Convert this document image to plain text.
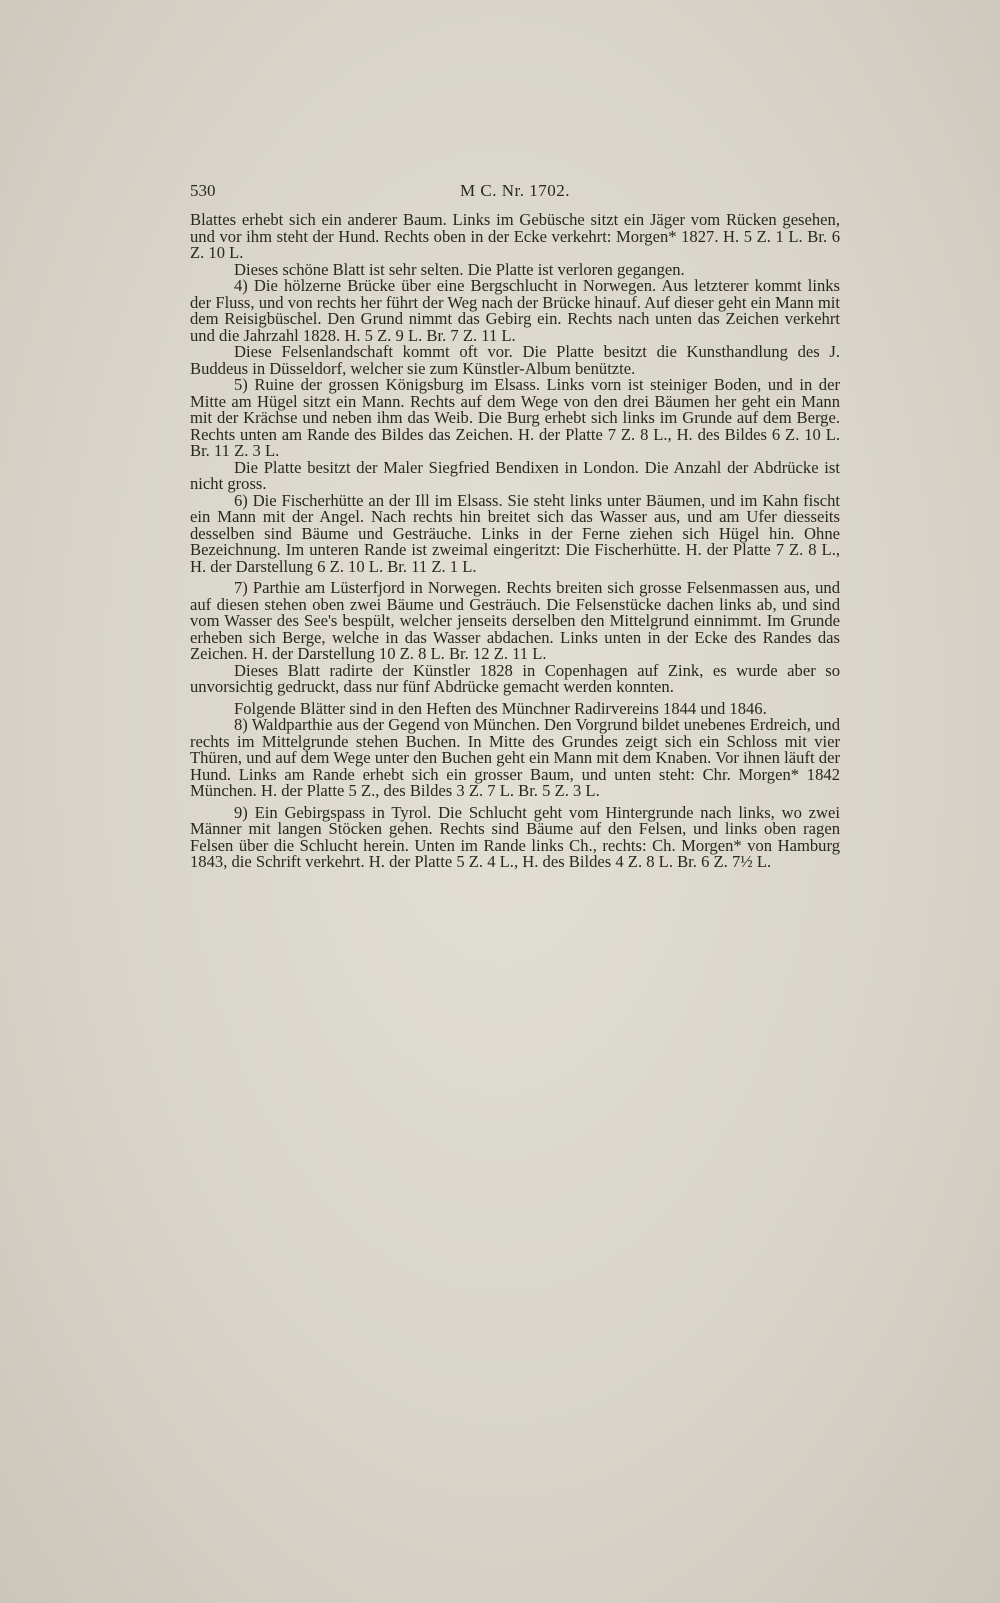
530	M C. Nr. 1702.

Blattes erhebt sich ein anderer Baum. Links im Gebüsche sitzt ein Jäger vom Rücken gesehen, und vor ihm steht der Hund. Rechts oben in der Ecke verkehrt: Morgen* 1827. H. 5 Z. 1 L. Br. 6 Z. 10 L.

Dieses schöne Blatt ist sehr selten. Die Platte ist verloren gegangen.

4) Die hölzerne Brücke über eine Bergschlucht in Norwegen. Aus letzterer kommt links der Fluss, und von rechts her führt der Weg nach der Brücke hinauf. Auf dieser geht ein Mann mit dem Reisigbüschel. Den Grund nimmt das Gebirg ein. Rechts nach unten das Zeichen verkehrt und die Jahrzahl 1828. H. 5 Z. 9 L. Br. 7 Z. 11 L.

Diese Felsenlandschaft kommt oft vor. Die Platte besitzt die Kunsthandlung des J. Buddeus in Düsseldorf, welcher sie zum Künstler-Album benützte.

5) Ruine der grossen Königsburg im Elsass. Links vorn ist steiniger Boden, und in der Mitte am Hügel sitzt ein Mann. Rechts auf dem Wege von den drei Bäumen her geht ein Mann mit der Krächse und neben ihm das Weib. Die Burg erhebt sich links im Grunde auf dem Berge. Rechts unten am Rande des Bildes das Zeichen. H. der Platte 7 Z. 8 L., H. des Bildes 6 Z. 10 L. Br. 11 Z. 3 L.

Die Platte besitzt der Maler Siegfried Bendixen in London. Die Anzahl der Abdrücke ist nicht gross.

6) Die Fischerhütte an der Ill im Elsass. Sie steht links unter Bäumen, und im Kahn fischt ein Mann mit der Angel. Nach rechts hin breitet sich das Wasser aus, und am Ufer diesseits desselben sind Bäume und Gesträuche. Links in der Ferne ziehen sich Hügel hin. Ohne Bezeichnung. Im unteren Rande ist zweimal eingeritzt: Die Fischerhütte. H. der Platte 7 Z. 8 L., H. der Darstellung 6 Z. 10 L. Br. 11 Z. 1 L.

7) Parthie am Lüsterfjord in Norwegen. Rechts breiten sich grosse Felsenmassen aus, und auf diesen stehen oben zwei Bäume und Gesträuch. Die Felsenstücke dachen links ab, und sind vom Wasser des See's bespült, welcher jenseits derselben den Mittelgrund einnimmt. Im Grunde erheben sich Berge, welche in das Wasser abdachen. Links unten in der Ecke des Randes das Zeichen. H. der Darstellung 10 Z. 8 L. Br. 12 Z. 11 L.

Dieses Blatt radirte der Künstler 1828 in Copenhagen auf Zink, es wurde aber so unvorsichtig gedruckt, dass nur fünf Abdrücke gemacht werden konnten.

Folgende Blätter sind in den Heften des Münchner Radirvereins 1844 und 1846.

8) Waldparthie aus der Gegend von München. Den Vorgrund bildet unebenes Erdreich, und rechts im Mittelgrunde stehen Buchen. In Mitte des Grundes zeigt sich ein Schloss mit vier Thüren, und auf dem Wege unter den Buchen geht ein Mann mit dem Knaben. Vor ihnen läuft der Hund. Links am Rande erhebt sich ein grosser Baum, und unten steht: Chr. Morgen* 1842 München. H. der Platte 5 Z., des Bildes 3 Z. 7 L. Br. 5 Z. 3 L.

9) Ein Gebirgspass in Tyrol. Die Schlucht geht vom Hintergrunde nach links, wo zwei Männer mit langen Stöcken gehen. Rechts sind Bäume auf den Felsen, und links oben ragen Felsen über die Schlucht herein. Unten im Rande links Ch., rechts: Ch. Morgen* von Hamburg 1843, die Schrift verkehrt. H. der Platte 5 Z. 4 L., H. des Bildes 4 Z. 8 L. Br. 6 Z. 7½ L.
